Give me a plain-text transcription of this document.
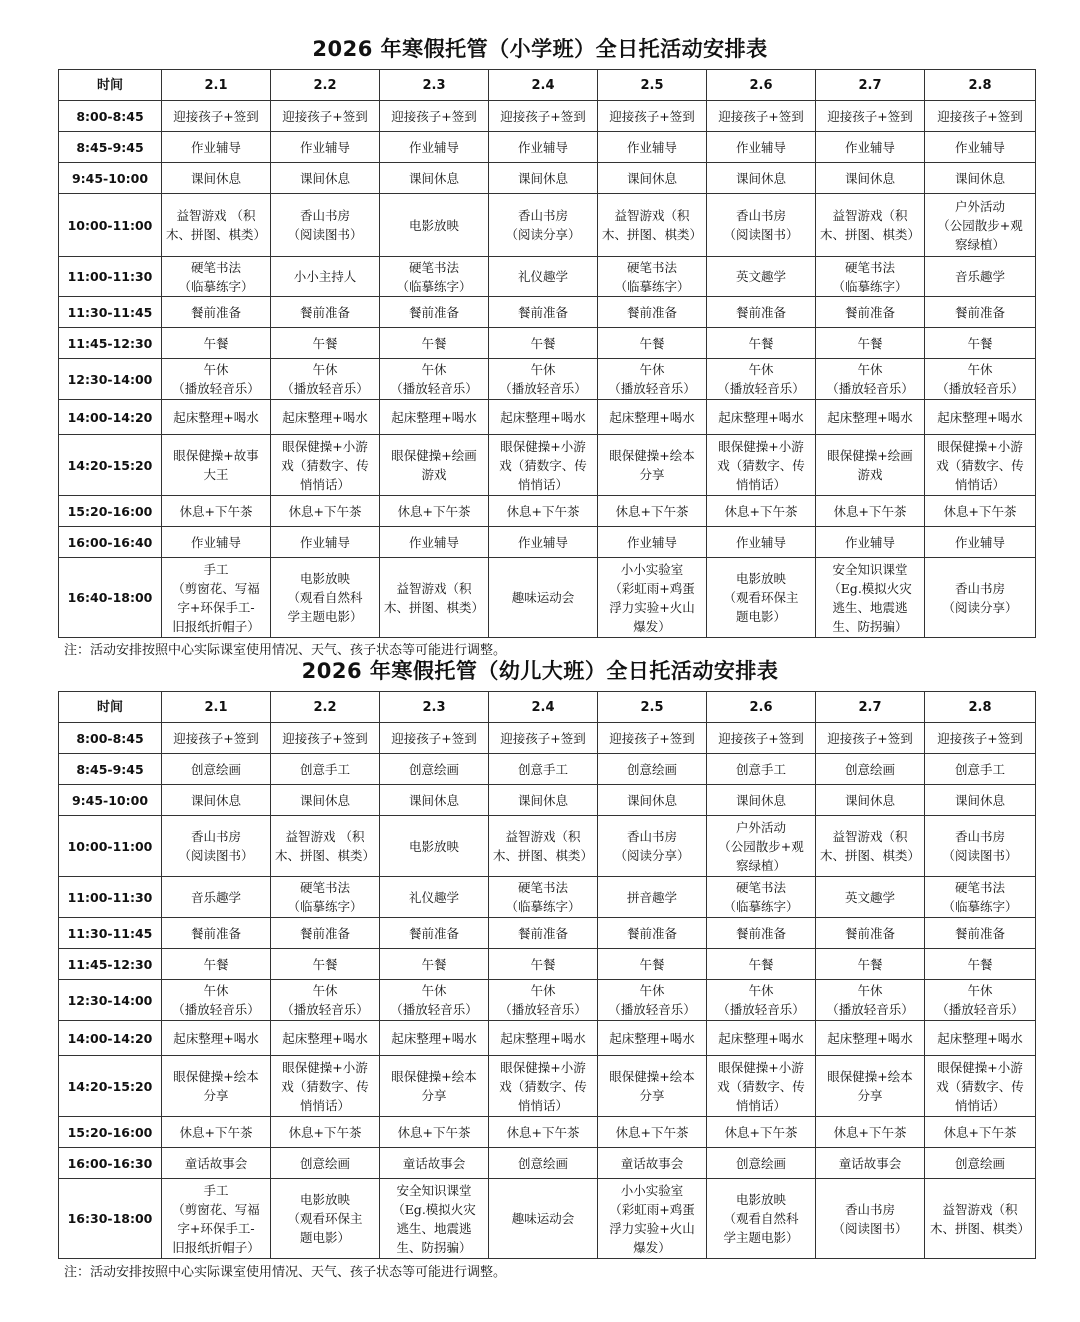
2026 年寒假托管（小学班）全日托活动安排表
时间	2.1	2.2	2.3	2.4	2.5	2.6	2.7	2.8
8:00-8:45	迎接孩子+签到	迎接孩子+签到	迎接孩子+签到	迎接孩子+签到	迎接孩子+签到	迎接孩子+签到	迎接孩子+签到	迎接孩子+签到

8:45-9:45	作业辅导	作业辅导	作业辅导	作业辅导	作业辅导	作业辅导	作业辅导	作业辅导

9:45-10:00	课间休息	课间休息	课间休息	课间休息	课间休息	课间休息	课间休息	课间休息

10:00-11:00	益智游戏 （积
木、拼图、棋类）	香山书房
（阅读图书）	电影放映	香山书房
（阅读分享）	益智游戏（积
木、拼图、棋类）	香山书房
（阅读图书）	益智游戏（积
木、拼图、棋类）	户外活动
（公园散步+观
察绿植）

11:00-11:30	硬笔书法
（临摹练字）	小小主持人	硬笔书法
（临摹练字）	礼仪趣学	硬笔书法
（临摹练字）	英文趣学	硬笔书法
（临摹练字）	音乐趣学

11:30-11:45	餐前准备	餐前准备	餐前准备	餐前准备	餐前准备	餐前准备	餐前准备	餐前准备

11:45-12:30	午餐	午餐	午餐	午餐	午餐	午餐	午餐	午餐

12:30-14:00	午休
（播放轻音乐）	午休
（播放轻音乐）	午休
（播放轻音乐）	午休
（播放轻音乐）	午休
（播放轻音乐）	午休
（播放轻音乐）	午休
（播放轻音乐）	午休
（播放轻音乐）

14:00-14:20	起床整理+喝水	起床整理+喝水	起床整理+喝水	起床整理+喝水	起床整理+喝水	起床整理+喝水	起床整理+喝水	起床整理+喝水

14:20-15:20	眼保健操+故事
大王	眼保健操+小游
戏（猜数字、传
悄悄话）	眼保健操+绘画
游戏	眼保健操+小游
戏（猜数字、传
悄悄话）	眼保健操+绘本
分享	眼保健操+小游
戏（猜数字、传
悄悄话）	眼保健操+绘画
游戏	眼保健操+小游
戏（猜数字、传
悄悄话）

15:20-16:00	休息+下午茶	休息+下午茶	休息+下午茶	休息+下午茶	休息+下午茶	休息+下午茶	休息+下午茶	休息+下午茶

16:00-16:40	作业辅导	作业辅导	作业辅导	作业辅导	作业辅导	作业辅导	作业辅导	作业辅导

16:40-18:00	手工
（剪窗花、写福
字+环保手工-
旧报纸折帽子）	电影放映
（观看自然科
学主题电影）	益智游戏（积
木、拼图、棋类）	趣味运动会	小小实验室
（彩虹雨+鸡蛋
浮力实验+火山
爆发）	电影放映
（观看环保主
题电影）	安全知识课堂
（Eg.模拟火灾
逃生、地震逃
生、防拐骗）	香山书房
（阅读分享）
注：活动安排按照中心实际课室使用情况、天气、孩子状态等可能进行调整。
2026 年寒假托管（幼儿大班）全日托活动安排表
时间	2.1	2.2	2.3	2.4	2.5	2.6	2.7	2.8
8:00-8:45	迎接孩子+签到	迎接孩子+签到	迎接孩子+签到	迎接孩子+签到	迎接孩子+签到	迎接孩子+签到	迎接孩子+签到	迎接孩子+签到

8:45-9:45	创意绘画	创意手工	创意绘画	创意手工	创意绘画	创意手工	创意绘画	创意手工

9:45-10:00	课间休息	课间休息	课间休息	课间休息	课间休息	课间休息	课间休息	课间休息

10:00-11:00	香山书房
（阅读图书）	益智游戏 （积
木、拼图、棋类）	电影放映	益智游戏（积
木、拼图、棋类）	香山书房
（阅读分享）	户外活动
（公园散步+观
察绿植）	益智游戏（积
木、拼图、棋类）	香山书房
（阅读图书）

11:00-11:30	音乐趣学	硬笔书法
（临摹练字）	礼仪趣学	硬笔书法
（临摹练字）	拼音趣学	硬笔书法
（临摹练字）	英文趣学	硬笔书法
（临摹练字）

11:30-11:45	餐前准备	餐前准备	餐前准备	餐前准备	餐前准备	餐前准备	餐前准备	餐前准备

11:45-12:30	午餐	午餐	午餐	午餐	午餐	午餐	午餐	午餐

12:30-14:00	午休
（播放轻音乐）	午休
（播放轻音乐）	午休
（播放轻音乐）	午休
（播放轻音乐）	午休
（播放轻音乐）	午休
（播放轻音乐）	午休
（播放轻音乐）	午休
（播放轻音乐）

14:00-14:20	起床整理+喝水	起床整理+喝水	起床整理+喝水	起床整理+喝水	起床整理+喝水	起床整理+喝水	起床整理+喝水	起床整理+喝水

14:20-15:20	眼保健操+绘本
分享	眼保健操+小游
戏（猜数字、传
悄悄话）	眼保健操+绘本
分享	眼保健操+小游
戏（猜数字、传
悄悄话）	眼保健操+绘本
分享	眼保健操+小游
戏（猜数字、传
悄悄话）	眼保健操+绘本
分享	眼保健操+小游
戏（猜数字、传
悄悄话）

15:20-16:00	休息+下午茶	休息+下午茶	休息+下午茶	休息+下午茶	休息+下午茶	休息+下午茶	休息+下午茶	休息+下午茶

16:00-16:30	童话故事会	创意绘画	童话故事会	创意绘画	童话故事会	创意绘画	童话故事会	创意绘画

16:30-18:00	手工
（剪窗花、写福
字+环保手工-
旧报纸折帽子）	电影放映
（观看环保主
题电影）	安全知识课堂
（Eg.模拟火灾
逃生、地震逃
生、防拐骗）	趣味运动会	小小实验室
（彩虹雨+鸡蛋
浮力实验+火山
爆发）	电影放映
（观看自然科
学主题电影）	香山书房
（阅读图书）	益智游戏（积
木、拼图、棋类）
注：活动安排按照中心实际课室使用情况、天气、孩子状态等可能进行调整。
